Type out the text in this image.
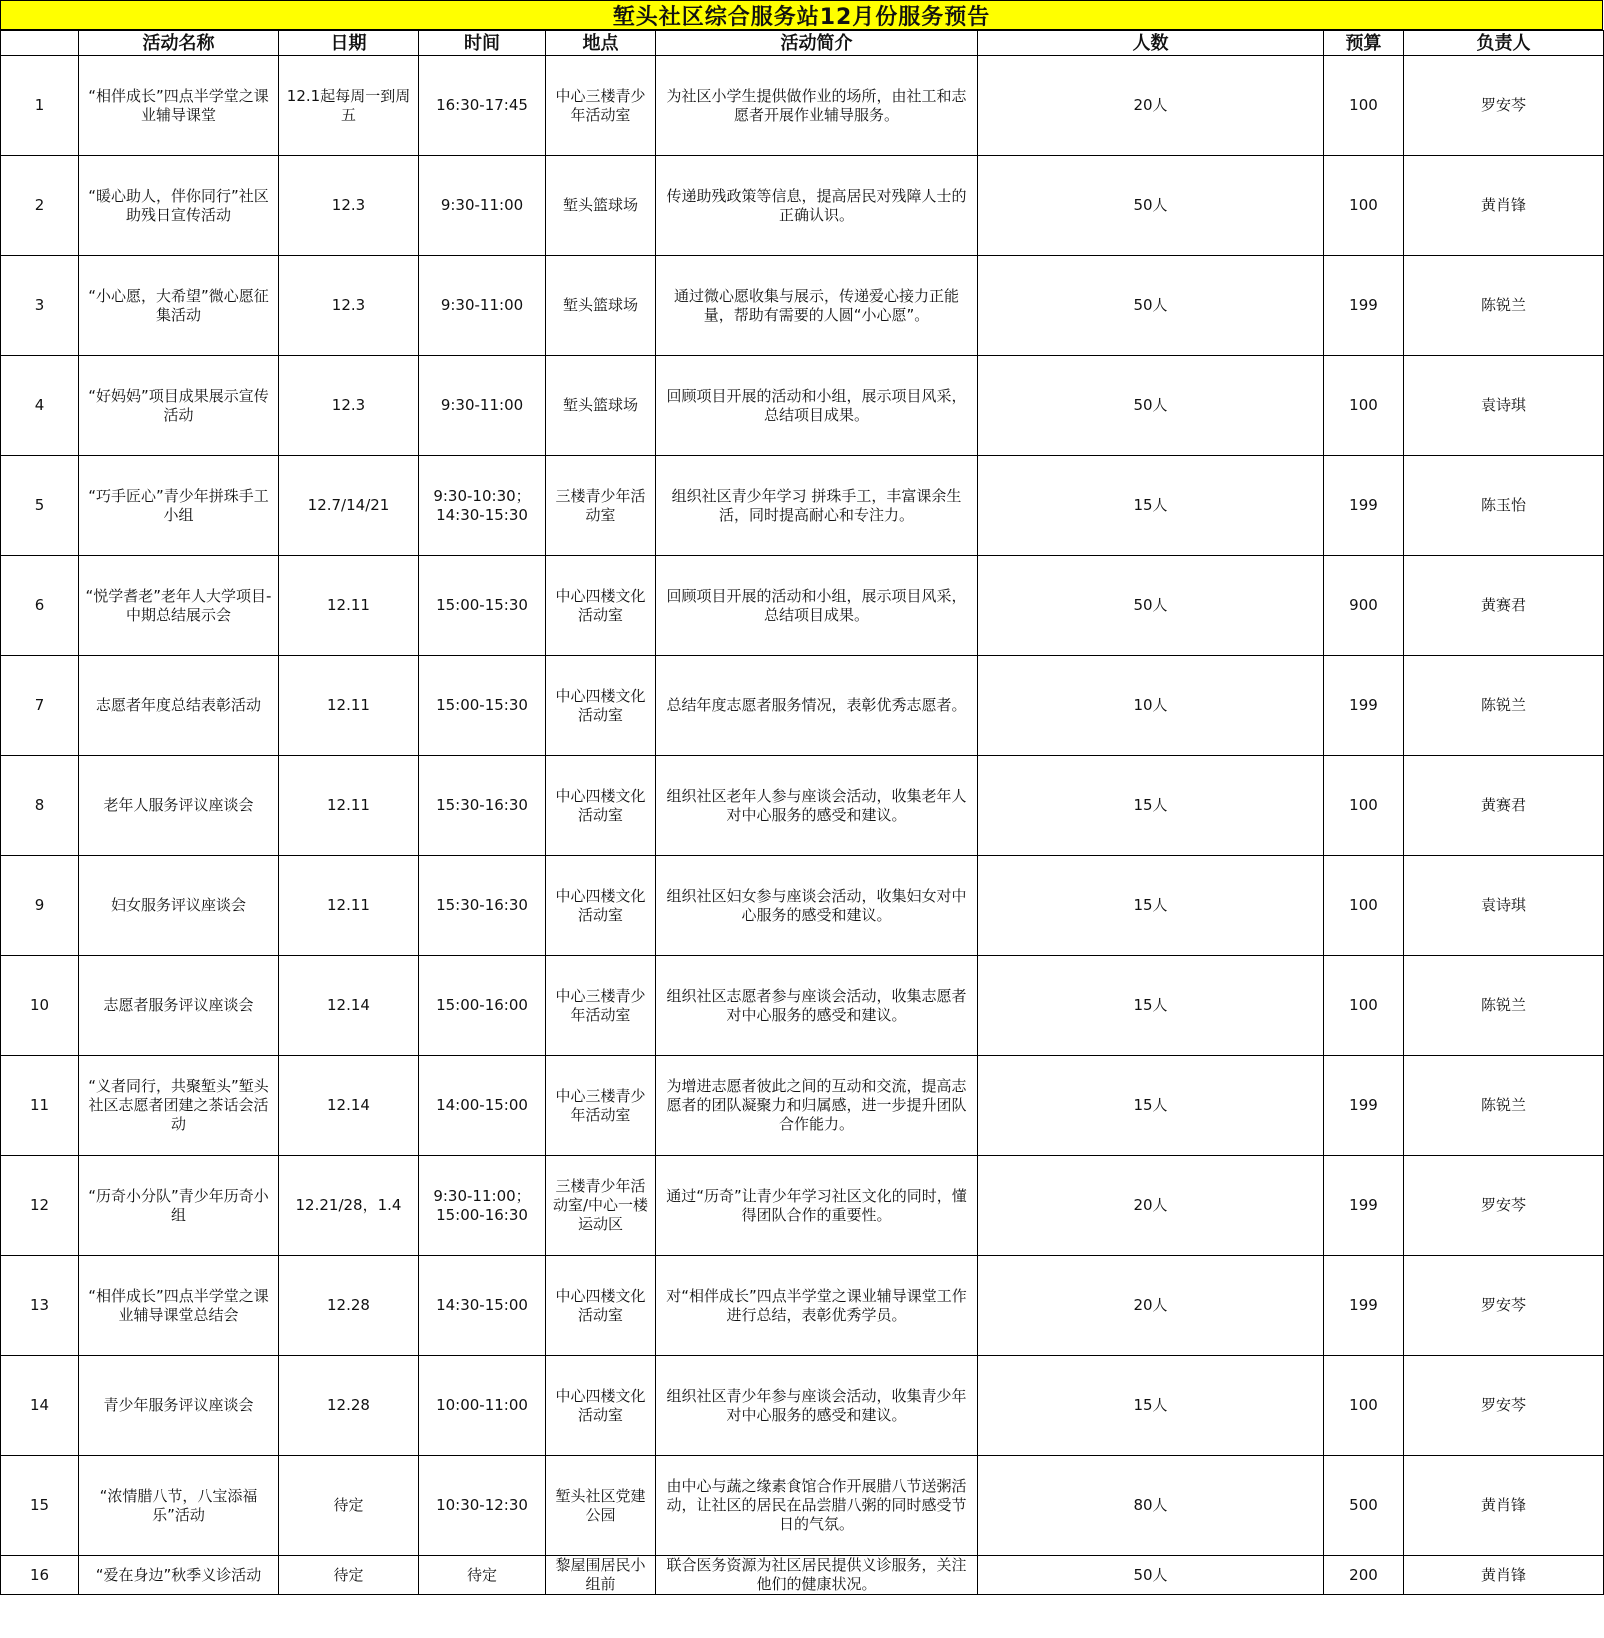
堑头社区综合服务站12月份服务预告
	活动名称	日期	时间	地点	活动简介	人数	预算	负责人
1	“相伴成长”四点半学堂之课业辅导课堂	12.1起每周一到周五	16:30-17:45	中心三楼青少年活动室	为社区小学生提供做作业的场所，由社工和志愿者开展作业辅导服务。	20人	100	罗安芩
2	“暖心助人，伴你同行”社区助残日宣传活动	12.3	9:30-11:00	堑头篮球场	传递助残政策等信息，提高居民对残障人士的正确认识。	50人	100	黄肖锋
3	“小心愿，大希望”微心愿征集活动	12.3	9:30-11:00	堑头篮球场	通过微心愿收集与展示，传递爱心接力正能量，帮助有需要的人圆“小心愿”。	50人	199	陈锐兰
4	“好妈妈”项目成果展示宣传活动	12.3	9:30-11:00	堑头篮球场	回顾项目开展的活动和小组，展示项目风采，总结项目成果。	50人	100	袁诗琪
5	“巧手匠心”青少年拼珠手工小组	12.7/14/21	9:30-10:30；14:30-15:30	三楼青少年活动室	组织社区青少年学习 拼珠手工，丰富课余生活，同时提高耐心和专注力。	15人	199	陈玉怡
6	“悦学耆老”老年人大学项目-中期总结展示会	12.11	15:00-15:30	中心四楼文化活动室	回顾项目开展的活动和小组，展示项目风采，总结项目成果。	50人	900	黄赛君
7	志愿者年度总结表彰活动	12.11	15:00-15:30	中心四楼文化活动室	总结年度志愿者服务情况，表彰优秀志愿者。	10人	199	陈锐兰
8	老年人服务评议座谈会	12.11	15:30-16:30	中心四楼文化活动室	组织社区老年人参与座谈会活动，收集老年人对中心服务的感受和建议。	15人	100	黄赛君
9	妇女服务评议座谈会	12.11	15:30-16:30	中心四楼文化活动室	组织社区妇女参与座谈会活动，收集妇女对中心服务的感受和建议。	15人	100	袁诗琪
10	志愿者服务评议座谈会	12.14	15:00-16:00	中心三楼青少年活动室	组织社区志愿者参与座谈会活动，收集志愿者对中心服务的感受和建议。	15人	100	陈锐兰
11	“义者同行，共聚堑头”堑头社区志愿者团建之茶话会活动	12.14	14:00-15:00	中心三楼青少年活动室	为增进志愿者彼此之间的互动和交流，提高志愿者的团队凝聚力和归属感，进一步提升团队合作能力。	15人	199	陈锐兰
12	“历奇小分队”青少年历奇小组	12.21/28，1.4	9:30-11:00；15:00-16:30	三楼青少年活动室/中心一楼运动区	通过“历奇”让青少年学习社区文化的同时，懂得团队合作的重要性。	20人	199	罗安芩
13	“相伴成长”四点半学堂之课业辅导课堂总结会	12.28	14:30-15:00	中心四楼文化活动室	对“相伴成长”四点半学堂之课业辅导课堂工作进行总结，表彰优秀学员。	20人	199	罗安芩
14	青少年服务评议座谈会	12.28	10:00-11:00	中心四楼文化活动室	组织社区青少年参与座谈会活动，收集青少年对中心服务的感受和建议。	15人	100	罗安芩
15	“浓情腊八节，八宝添福乐”活动	待定	10:30-12:30	堑头社区党建公园	由中心与蔬之缘素食馆合作开展腊八节送粥活动，让社区的居民在品尝腊八粥的同时感受节日的气氛。	80人	500	黄肖锋
16	“爱在身边”秋季义诊活动	待定	待定	黎屋围居民小组前	联合医务资源为社区居民提供义诊服务，关注他们的健康状况。	50人	200	黄肖锋
